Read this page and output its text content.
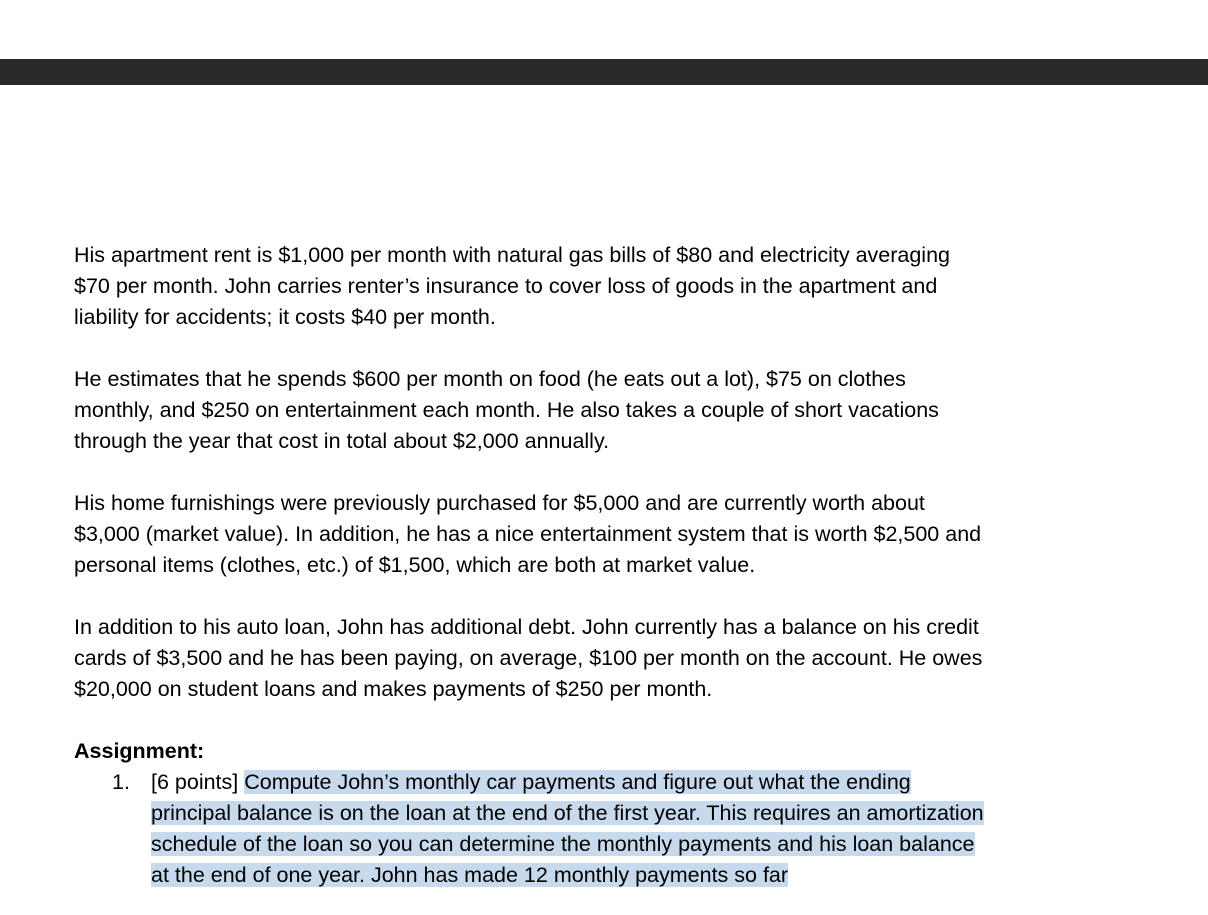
His apartment rent is $1,000 per month with natural gas bills of $80 and electricity averaging
$70 per month. John carries renter’s insurance to cover loss of goods in the apartment and
liability for accidents; it costs $40 per month.

He estimates that he spends $600 per month on food (he eats out a lot), $75 on clothes
monthly, and $250 on entertainment each month. He also takes a couple of short vacations
through the year that cost in total about $2,000 annually.

His home furnishings were previously purchased for $5,000 and are currently worth about
$3,000 (market value). In addition, he has a nice entertainment system that is worth $2,500 and
personal items (clothes, etc.) of $1,500, which are both at market value.

In addition to his auto loan, John has additional debt. John currently has a balance on his credit
cards of $3,500 and he has been paying, on average, $100 per month on the account. He owes
$20,000 on student loans and makes payments of $250 per month.

Assignment:
1. [6 points] Compute John’s monthly car payments and figure out what the ending
principal balance is on the loan at the end of the first year. This requires an amortization
schedule of the loan so you can determine the monthly payments and his loan balance
at the end of one year. John has made 12 monthly payments so far
